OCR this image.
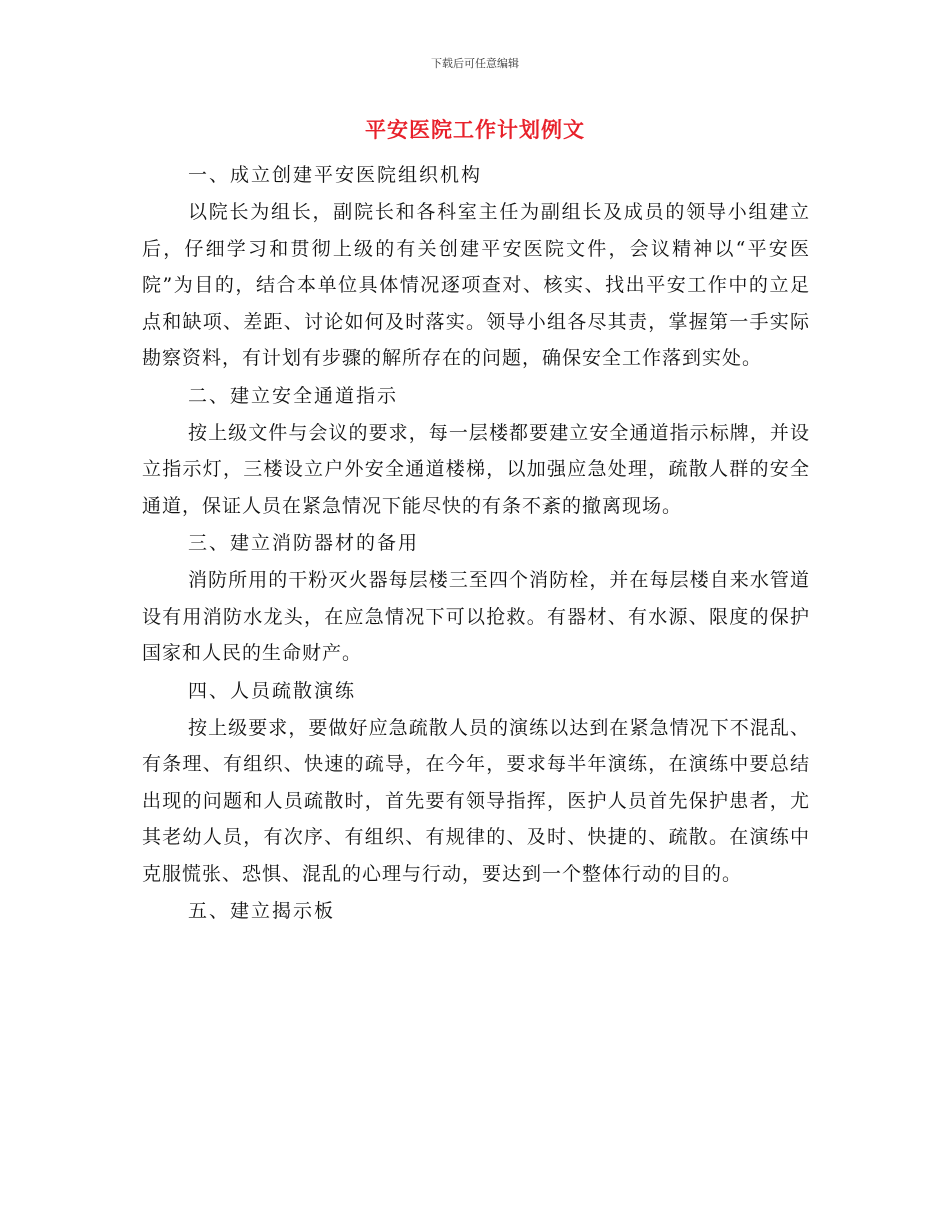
下载后可任意编辑
平安医院工作计划例文

一、成立创建平安医院组织机构

以院长为组长，副院长和各科室主任为副组长及成员的领导小组建立后，仔细学习和贯彻上级的有关创建平安医院文件，会议精神以“平安医院”为目的，结合本单位具体情况逐项查对、核实、找出平安工作中的立足点和缺项、差距、讨论如何及时落实。领导小组各尽其责，掌握第一手实际勘察资料，有计划有步骤的解所存在的问题，确保安全工作落到实处。

二、建立安全通道指示

按上级文件与会议的要求，每一层楼都要建立安全通道指示标牌，并设立指示灯，三楼设立户外安全通道楼梯，以加强应急处理，疏散人群的安全通道，保证人员在紧急情况下能尽快的有条不紊的撤离现场。

三、建立消防器材的备用

消防所用的干粉灭火器每层楼三至四个消防栓，并在每层楼自来水管道设有用消防水龙头，在应急情况下可以抢救。有器材、有水源、限度的保护国家和人民的生命财产。

四、人员疏散演练

按上级要求，要做好应急疏散人员的演练以达到在紧急情况下不混乱、有条理、有组织、快速的疏导，在今年，要求每半年演练，在演练中要总结出现的问题和人员疏散时，首先要有领导指挥，医护人员首先保护患者，尤其老幼人员，有次序、有组织、有规律的、及时、快捷的、疏散。在演练中克服慌张、恐惧、混乱的心理与行动，要达到一个整体行动的目的。

五、建立揭示板
